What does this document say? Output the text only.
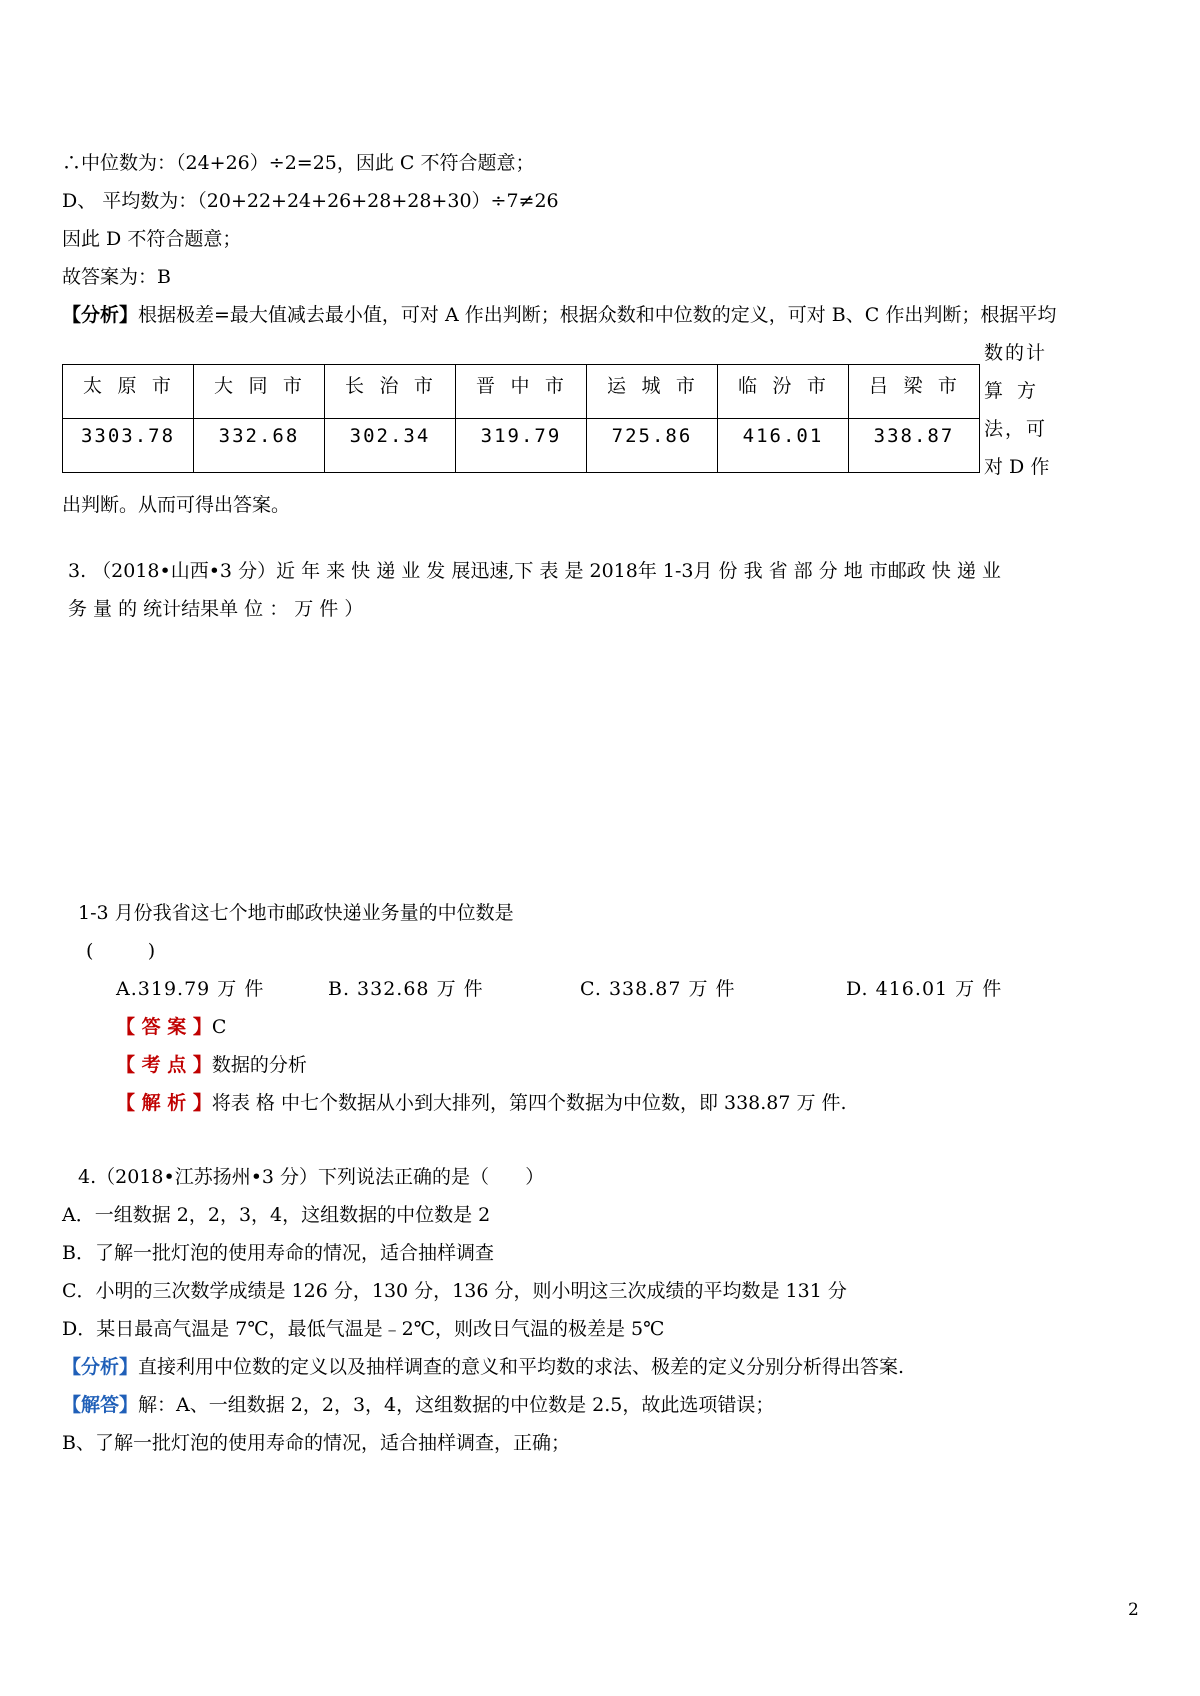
∴中位数为：（24+26）÷2=25，因此 C 不符合题意；
D、 平均数为：（20+22+24+26+28+28+30）÷7≠26
因此 D 不符合题意；
故答案为：B
【分析】根据极差=最大值减去最小值，可对 A 作出判断；根据众数和中位数的定义，可对 B、C 作出判断；根据平均
数的计
算 方
法，可
对 D 作
太 原 市	大 同 市	长 治 市	晋 中 市	运 城 市	临 汾 市	吕 梁 市
3303.78	332.68	302.34	319.79	725.86	416.01	338.87
出判断。从而可得出答案。
3. （2018•山西•3 分）近 年 来 快 递 业 发 展迅速,下 表 是 2018年 1-3月 份 我 省 部 分 地 市邮政 快 递 业
务 量 的 统计结果单 位 ： 万 件 ）
1-3 月份我省这七个地市邮政快递业务量的中位数是
(         )
A.319.79 万 件	B. 332.68 万 件	C. 338.87 万 件	D. 416.01 万 件
【 答 案 】C
【 考 点 】数据的分析
【 解 析 】将表 格 中七个数据从小到大排列，第四个数据为中位数，即 338.87 万 件.
4.（2018•江苏扬州•3 分）下列说法正确的是（      ）
A．一组数据 2，2，3，4，这组数据的中位数是 2
B．了解一批灯泡的使用寿命的情况，适合抽样调查
C．小明的三次数学成绩是 126 分，130 分，136 分，则小明这三次成绩的平均数是 131 分
D．某日最高气温是 7℃，最低气温是﹣2℃，则改日气温的极差是 5℃
【分析】直接利用中位数的定义以及抽样调查的意义和平均数的求法、极差的定义分别分析得出答案.
【解答】解：A、一组数据 2，2，3，4，这组数据的中位数是 2.5，故此选项错误；
B、了解一批灯泡的使用寿命的情况，适合抽样调查，正确；
2
